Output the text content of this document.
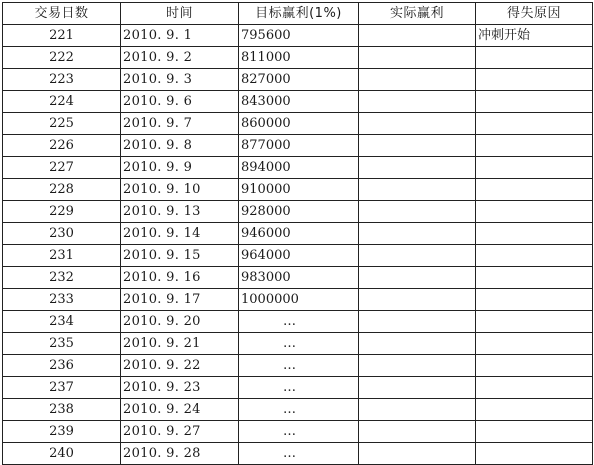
交易日数	时间	目标赢利(1%)	实际赢利	得失原因
221	2010. 9. 1	795600		冲刺开始
222	2010. 9. 2	811000		
223	2010. 9. 3	827000		
224	2010. 9. 6	843000		
225	2010. 9. 7	860000		
226	2010. 9. 8	877000		
227	2010. 9. 9	894000		
228	2010. 9. 10	910000		
229	2010. 9. 13	928000		
230	2010. 9. 14	946000		
231	2010. 9. 15	964000		
232	2010. 9. 16	983000		
233	2010. 9. 17	1000000		
234	2010. 9. 20	…		
235	2010. 9. 21	…		
236	2010. 9. 22	…		
237	2010. 9. 23	…		
238	2010. 9. 24	…		
239	2010. 9. 27	…		
240	2010. 9. 28	…		
